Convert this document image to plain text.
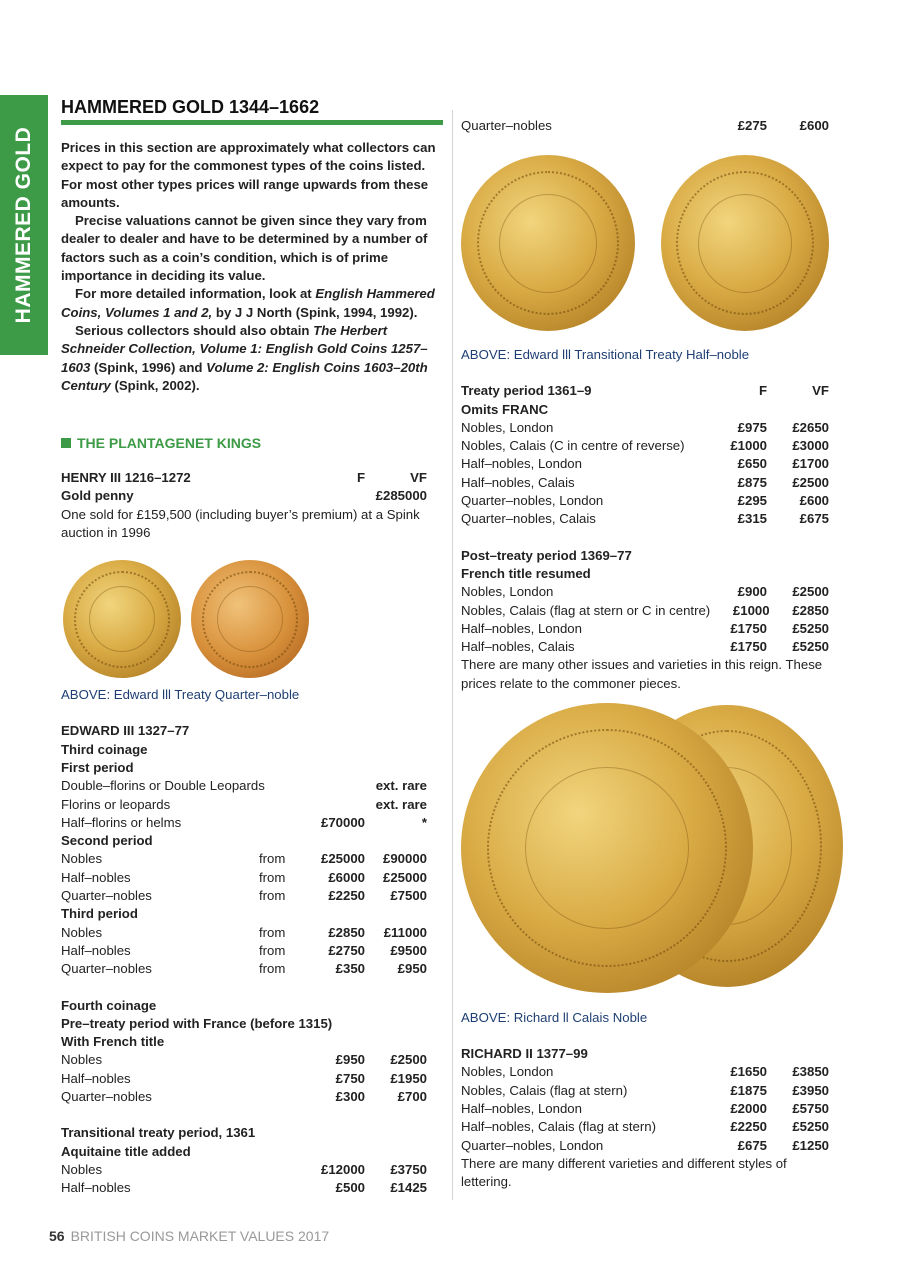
HAMMERED GOLD
HAMMERED GOLD 1344–1662

Prices in this section are approximately what collectors can expect to pay for the commonest types of the coins listed. For most other types prices will range upwards from these amounts.

Precise valuations cannot be given since they vary from dealer to dealer and have to be determined by a number of factors such as a coin’s condition, which is of prime importance in deciding its value.

For more detailed information, look at English Hammered Coins, Volumes 1 and 2, by J J North (Spink, 1994, 1992).

Serious collectors should also obtain The Herbert Schneider Collection, Volume 1: English Gold Coins 1257–1603 (Spink, 1996) and Volume 2: English Coins 1603–20th Century (Spink, 2002).

THE PLANTAGENET KINGS
HENRY III 1216–1272	F	VF
Gold penny	£285000
One sold for £159,500 (including buyer’s premium) at a Spink auction in 1996
ABOVE: Edward lll Treaty Quarter–noble
EDWARD III 1327–77
Third coinage
First period
Double–florins or Double Leopards	ext. rare
Florins or leopards	ext. rare
Half–florins or helms	£70000	*
Second period
Nobles	from	£25000	£90000
Half–nobles	from	£6000	£25000
Quarter–nobles	from	£2250	£7500
Third period
Nobles	from	£2850	£11000
Half–nobles	from	£2750	£9500
Quarter–nobles	from	£350	£950
Fourth coinage
Pre–treaty period with France (before 1315)
With French title
Nobles	£950	£2500
Half–nobles	£750	£1950
Quarter–nobles	£300	£700
Transitional treaty period, 1361
Aquitaine title added
Nobles	£12000	£3750
Half–nobles	£500	£1425
Quarter–nobles	£275	£600
ABOVE: Edward lll Transitional Treaty Half–noble
Treaty period 1361–9	F	VF
Omits FRANC
Nobles, London	£975	£2650
Nobles, Calais (C in centre of reverse)	£1000	£3000
Half–nobles, London	£650	£1700
Half–nobles, Calais	£875	£2500
Quarter–nobles, London	£295	£600
Quarter–nobles, Calais	£315	£675
Post–treaty period 1369–77
French title resumed
Nobles, London	£900	£2500
Nobles, Calais (flag at stern or C in centre)	£1000	£2850
Half–nobles, London	£1750	£5250
Half–nobles, Calais	£1750	£5250
There are many other issues and varieties in this reign. These prices relate to the commoner pieces.
ABOVE: Richard ll Calais Noble
RICHARD II 1377–99
Nobles, London	£1650	£3850
Nobles, Calais (flag at stern)	£1875	£3950
Half–nobles, London	£2000	£5750
Half–nobles, Calais (flag at stern)	£2250	£5250
Quarter–nobles, London	£675	£1250
There are many different varieties and different styles of lettering.
56 BRITISH COINS MARKET VALUES 2017
